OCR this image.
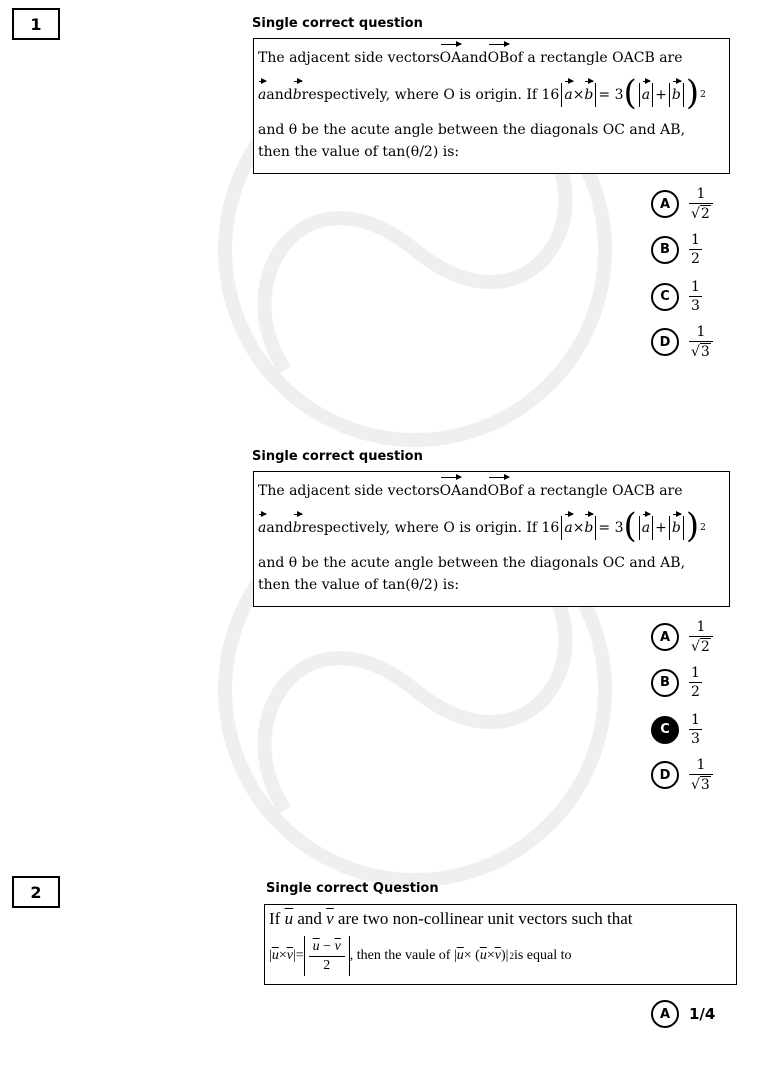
1	Single correct question
The adjacent side vectors OA and OB of a rectangle OACB are
a and b respectively, where O is origin. If 16 a × b = 3 ( a + b ) 2
and θ be the acute angle between the diagonals OC and AB,
then the value of tan(θ/2) is:
A	$\frac{1}{√ 2}$
B	$\frac{1}{2}$
C	$\frac{1}{3}$
D	$\frac{1}{√ 3}$
Single correct question
The adjacent side vectors OA and OB of a rectangle OACB are
a and b respectively, where O is origin. If 16 a × b = 3 ( a + b ) 2
and θ be the acute angle between the diagonals OC and AB,
then the value of tan(θ/2) is:
A	$\frac{1}{√ 2}$
B	$\frac{1}{2}$
C	$\frac{1}{3}$
D	$\frac{1}{√ 3}$
2	Single correct Question
If $\overline{u}$ and $\overline{v}$ are two non-collinear unit vectors such that
| $\overline{u} \times \overline{v}$ | = $\frac{\overline{u} - \overline{v}}{2}$ , then the vaule of | $\overline{u}$ × ( $\overline{u} \times \overline{v}$ )| 2 is equal to
A	1/4
